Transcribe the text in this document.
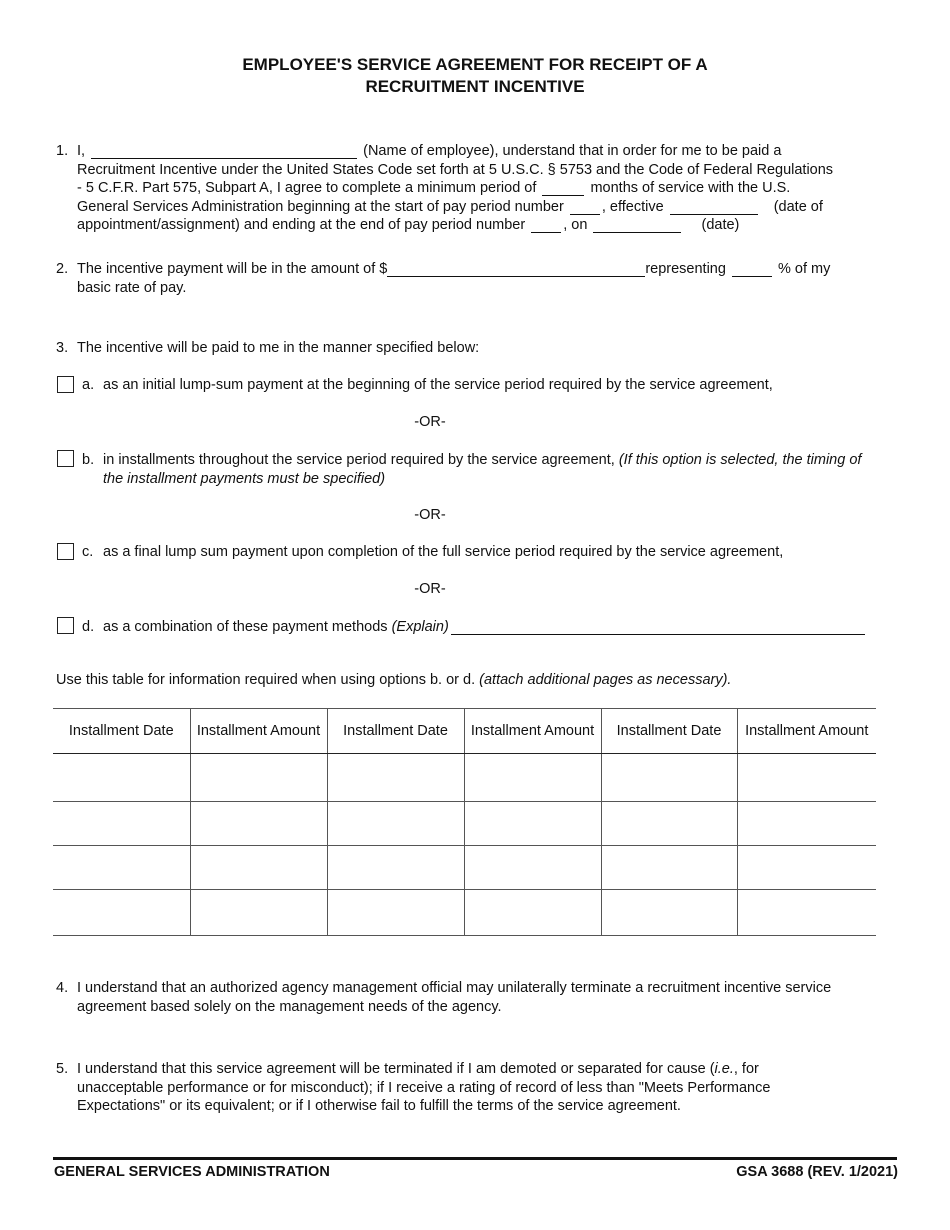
EMPLOYEE'S SERVICE AGREEMENT FOR RECEIPT OF A
RECRUITMENT INCENTIVE
1. I,	(Name of employee), understand that in order for me to be paid a
Recruitment Incentive under the United States Code set forth at 5 U.S.C. § 5753 and the Code of Federal Regulations
- 5 C.F.R. Part 575, Subpart A, I agree to complete a minimum period of	months of service with the U.S.
General Services Administration beginning at the start of pay period number	, effective	(date of
appointment/assignment) and ending at the end of pay period number	, on	(date)
2. The incentive payment will be in the amount of $	representing	% of my
basic rate of pay.
3. The incentive will be paid to me in the manner specified below:
a. as an initial lump-sum payment at the beginning of the service period required by the service agreement,
-OR-
b. in installments throughout the service period required by the service agreement, (If this option is selected, the timing of the installment payments must be specified)
-OR-
c. as a final lump sum payment upon completion of the full service period required by the service agreement,
-OR-
d. as a combination of these payment methods (Explain)
Use this table for information required when using options b. or d. (attach additional pages as necessary).
Installment Date	Installment Amount	Installment Date	Installment Amount	Installment Date	Installment Amount

4. I understand that an authorized agency management official may unilaterally terminate a recruitment incentive service
agreement based solely on the management needs of the agency.
5. I understand that this service agreement will be terminated if I am demoted or separated for cause (i.e., for
unacceptable performance or for misconduct); if I receive a rating of record of less than "Meets Performance
Expectations" or its equivalent; or if I otherwise fail to fulfill the terms of the service agreement.
GENERAL SERVICES ADMINISTRATION	GSA 3688 (REV. 1/2021)
